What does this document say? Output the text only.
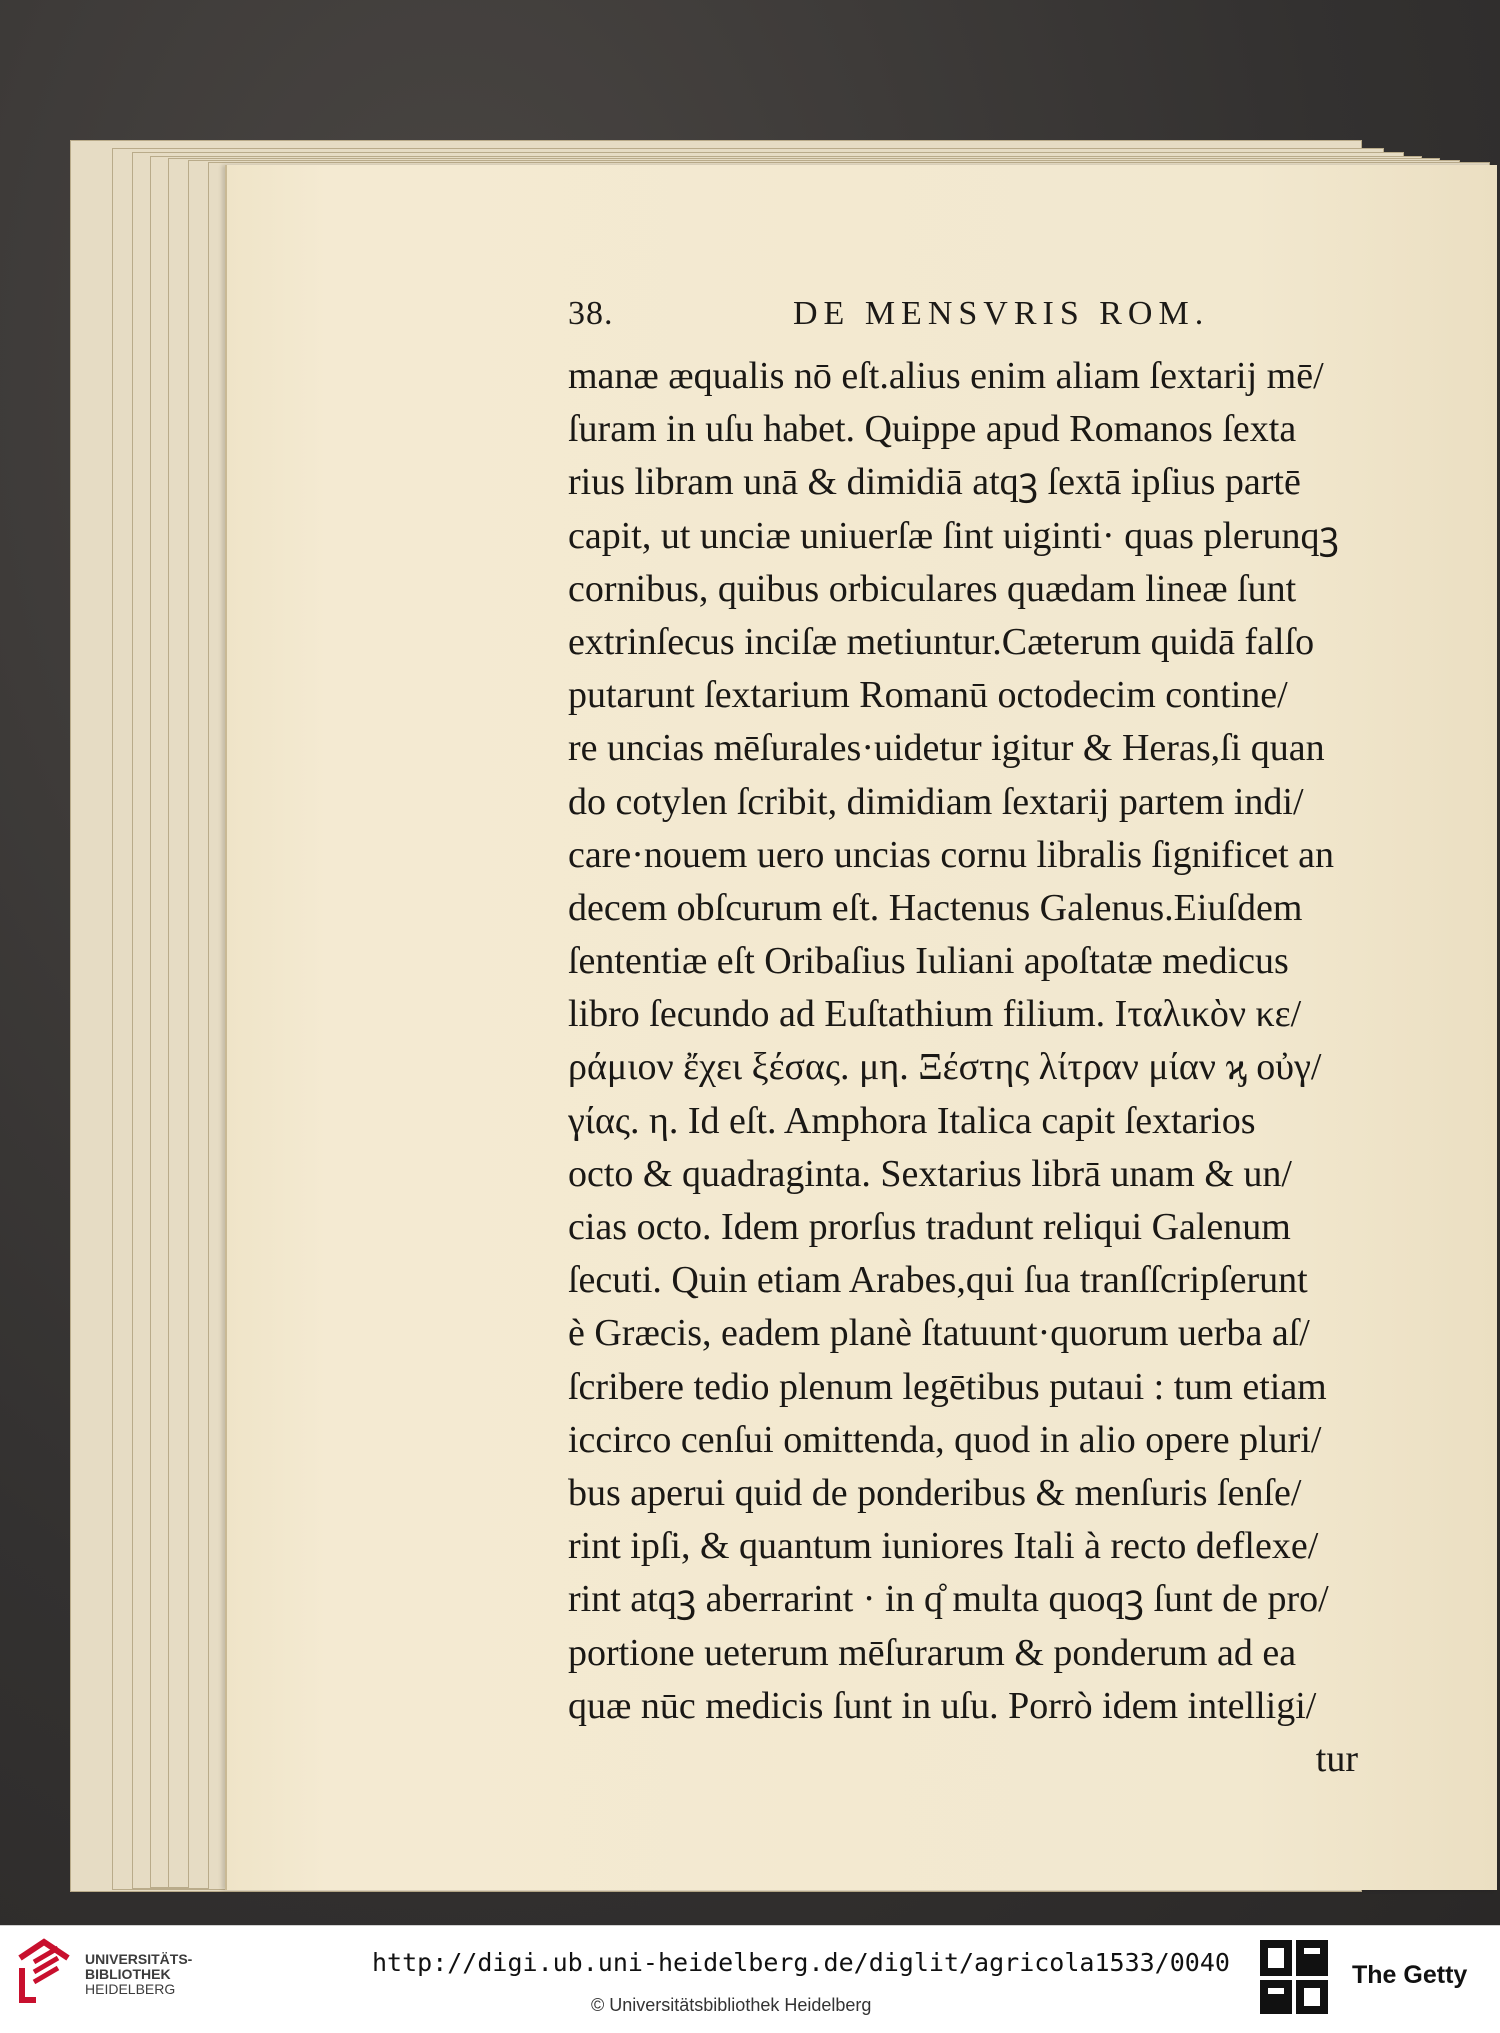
38.	DE MENSVRIS ROM.
manæ æqualis nō eſt.alius enim aliam ſextarij mē/
ſuram in uſu habet. Quippe apud Romanos ſexta
rius libram unā & dimidiā atqꝫ ſextā ipſius partē
capit, ut unciæ uniuerſæ ſint uiginti· quas plerunqꝫ
cornibus, quibus orbiculares quædam lineæ ſunt
extrinſecus inciſæ metiuntur.Cæterum quidā falſo
putarunt ſextarium Romanū octodecim contine/
re uncias mēſurales·uidetur igitur & Heras,ſi quan
do cotylen ſcribit, dimidiam ſextarij partem indi/
care·nouem uero uncias cornu libralis ſignificet an
decem obſcurum eſt. Hactenus Galenus.Eiuſdem
ſententiæ eſt Oribaſius Iuliani apoſtatæ medicus
libro ſecundo ad Euſtathium filium. Ιταλικὸν κε/
ράμιον ἔχει ξέσας. μη. Ξέστης λίτραν μίαν ϗ οὐγ/
γίας. η. Id eſt. Amphora Italica capit ſextarios
octo & quadraginta. Sextarius librā unam & un/
cias octo. Idem prorſus tradunt reliqui Galenum
ſecuti. Quin etiam Arabes,qui ſua tranſſcripſerunt
è Græcis, eadem planè ſtatuunt·quorum uerba aſ/
ſcribere tedio plenum legētibus putaui : tum etiam
iccirco cenſui omittenda, quod in alio opere pluri/
bus aperui quid de ponderibus & menſuris ſenſe/
rint ipſi, & quantum iuniores Itali à recto deflexe/
rint atqꝫ aberrarint · in q̊ multa quoqꝫ ſunt de pro/
portione ueterum mēſurarum & ponderum ad ea
quæ nūc medicis ſunt in uſu. Porrò idem intelligi/
tur
UNIVERSITÄTS-
BIBLIOTHEK
HEIDELBERG
http://digi.ub.uni-heidelberg.de/diglit/agricola1533/0040
© Universitätsbibliothek Heidelberg
The Getty
